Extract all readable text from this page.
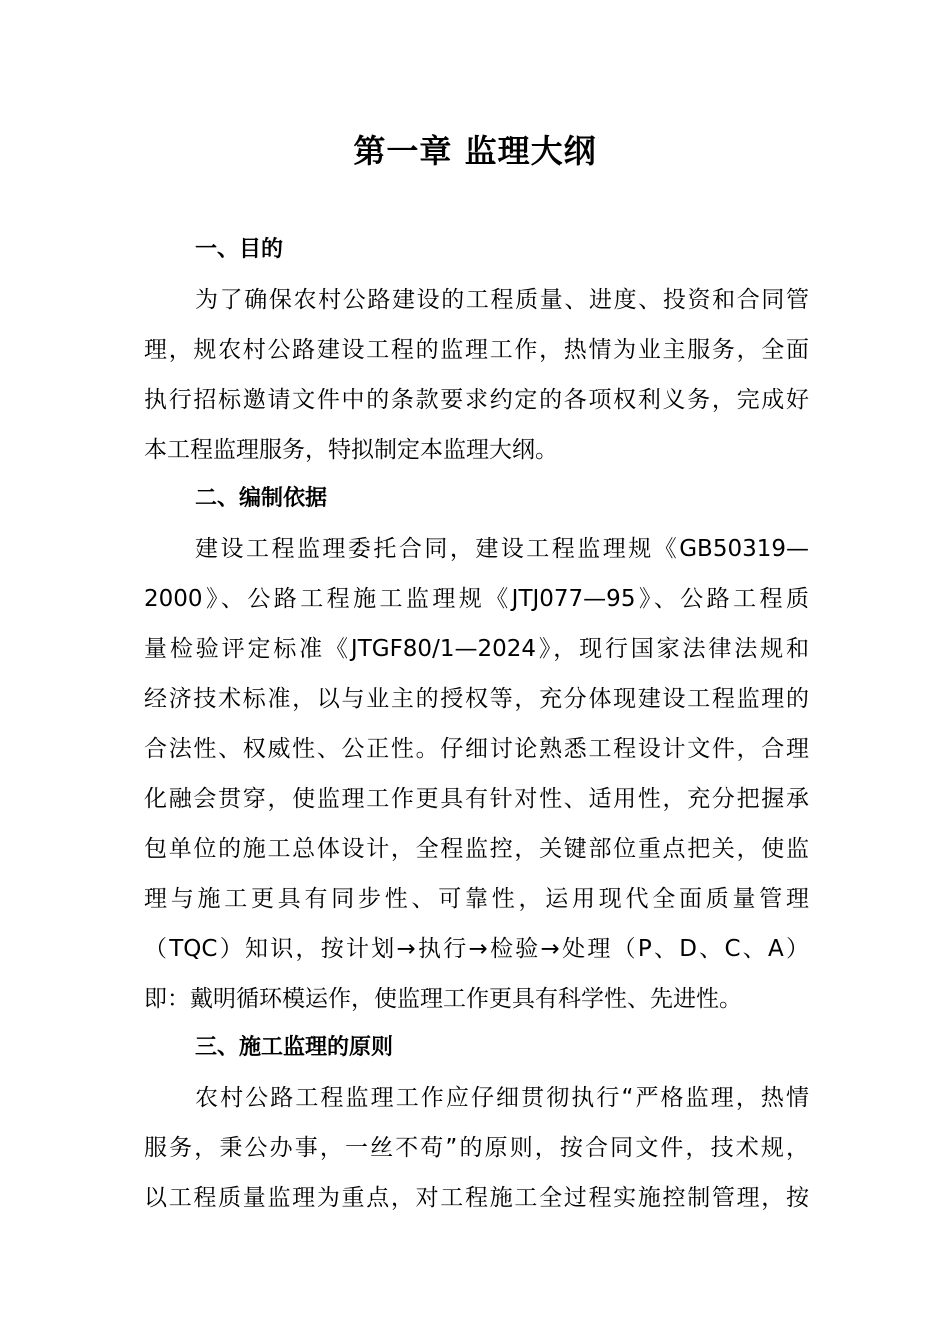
第一章 监理大纲
一、目的
为了确保农村公路建设的工程质量、进度、投资和合同管
理，规农村公路建设工程的监理工作，热情为业主服务，全面
执行招标邀请文件中的条款要求约定的各项权利义务，完成好
本工程监理服务，特拟制定本监理大纲。
二、编制依据
建设工程监理委托合同，建设工程监理规《GB50319—
2000》、公路工程施工监理规《JTJ077—95》、公路工程质
量检验评定标准《JTGF80/1—2024》，现行国家法律法规和
经济技术标准，以与业主的授权等，充分体现建设工程监理的
合法性、权威性、公正性。仔细讨论熟悉工程设计文件，合理
化融会贯穿，使监理工作更具有针对性、适用性，充分把握承
包单位的施工总体设计，全程监控，关键部位重点把关，使监
理与施工更具有同步性、可靠性，运用现代全面质量管理
（TQC）知识，按计划→执行→检验→处理（P、D、C、A）
即：戴明循环模运作，使监理工作更具有科学性、先进性。
三、施工监理的原则
农村公路工程监理工作应仔细贯彻执行“严格监理，热情
服务，秉公办事，一丝不苟”的原则，按合同文件，技术规，
以工程质量监理为重点，对工程施工全过程实施控制管理，按
